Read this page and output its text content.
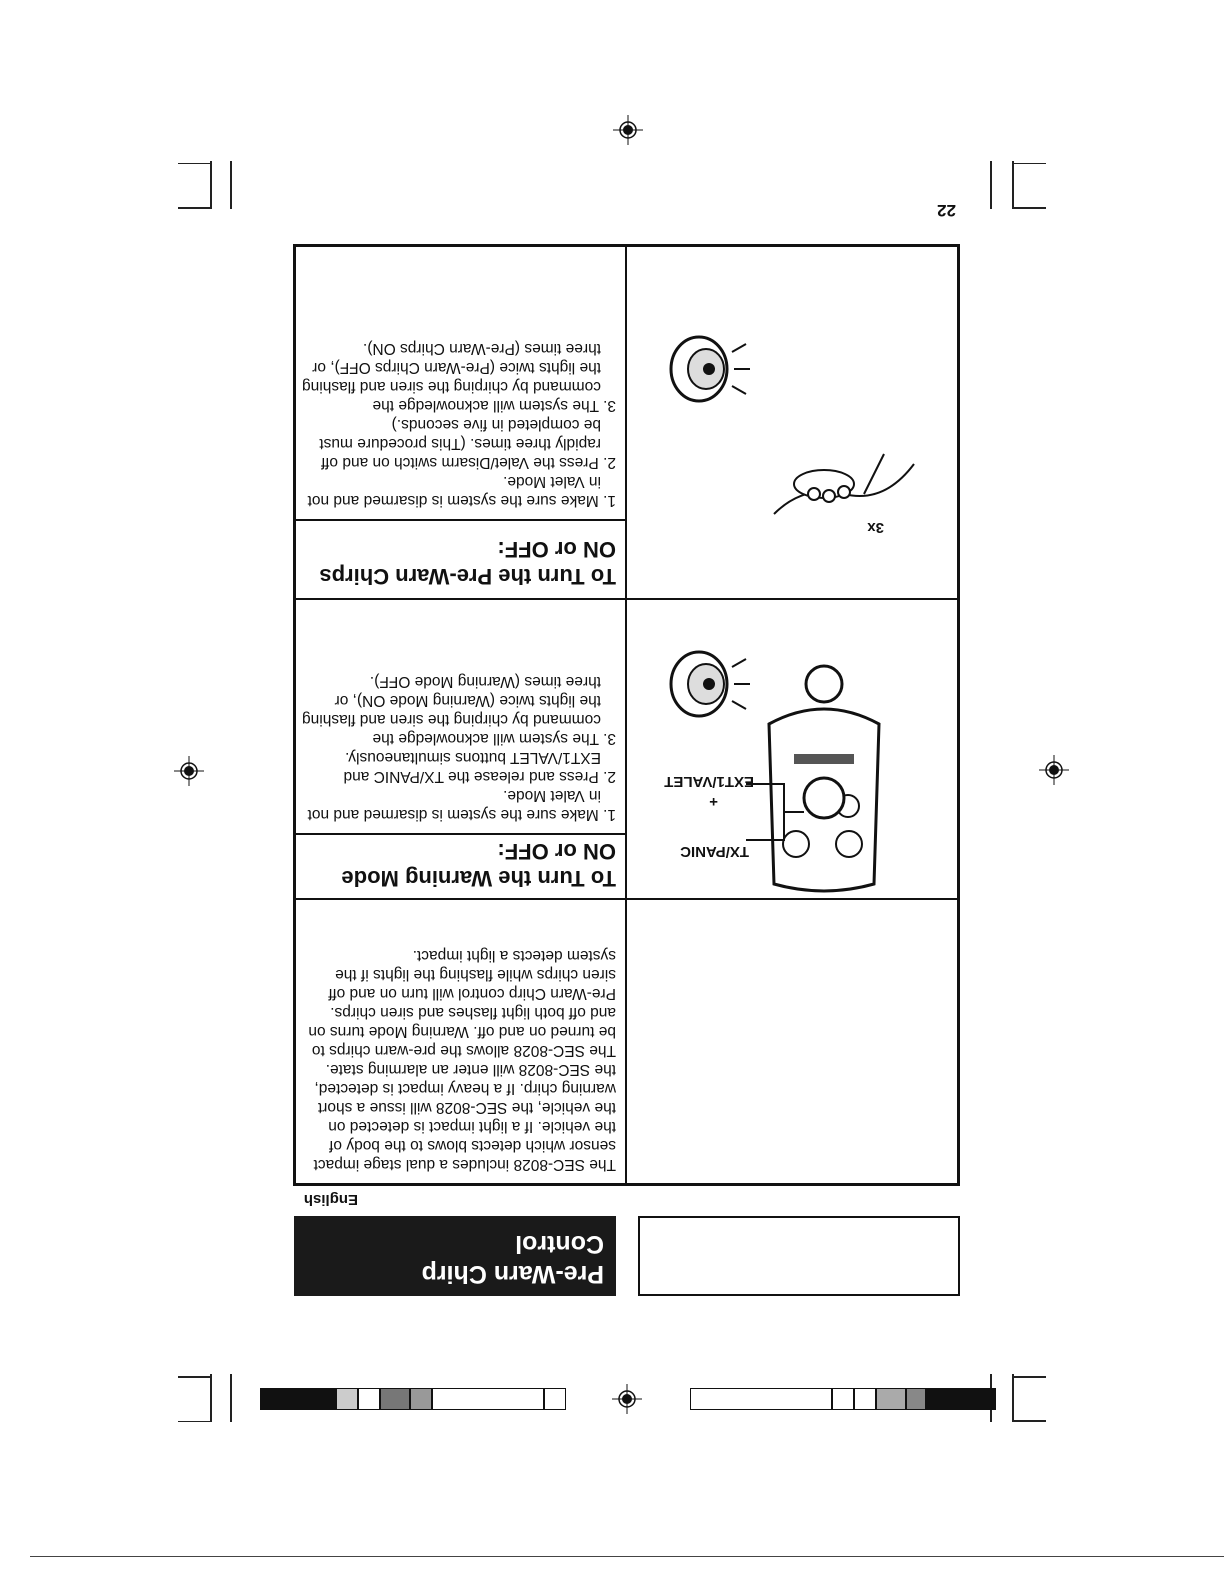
Pre-Warn Chirp
Control
English
The SEC-8028 includes a dual stage impact sensor which detects blows to the body of the vehicle. If a light impact is detected on the vehicle, the SEC-8028 will issue a short warning chirp. If a heavy impact is detected, the SEC-8028 will enter an alarming state. The SEC-8028 allows the pre-warn chirps to be turned on and off. Warning Mode turns on and off both light flashes and siren chirps. Pre-Warn Chirp control will turn on and off siren chirps while flashing the lights if the system detects a light impact.
To Turn the Warning Mode ON or OFF:
1. Make sure the system is disarmed and not in Valet Mode.
2. Press and release the TX/PANIC and EXT1/VALET buttons simultaneously.
3. The system will acknowledge the command by chirping the siren and flashing the lights twice (Warning Mode ON), or three times (Warning Mode OFF).
To Turn the Pre-Warn Chirps ON or OFF:
1. Make sure the system is disarmed and not in Valet Mode.
2. Press the Valet/Disarm switch on and off rapidly three times. (This procedure must be completed in five seconds.)
3. The system will acknowledge the command by chirping the siren and flashing the lights twice (Pre-Warn Chirps OFF), or three times (Pre-Warn Chirps ON).
TX/PANIC
+
EXT1/VALET
3x
22
